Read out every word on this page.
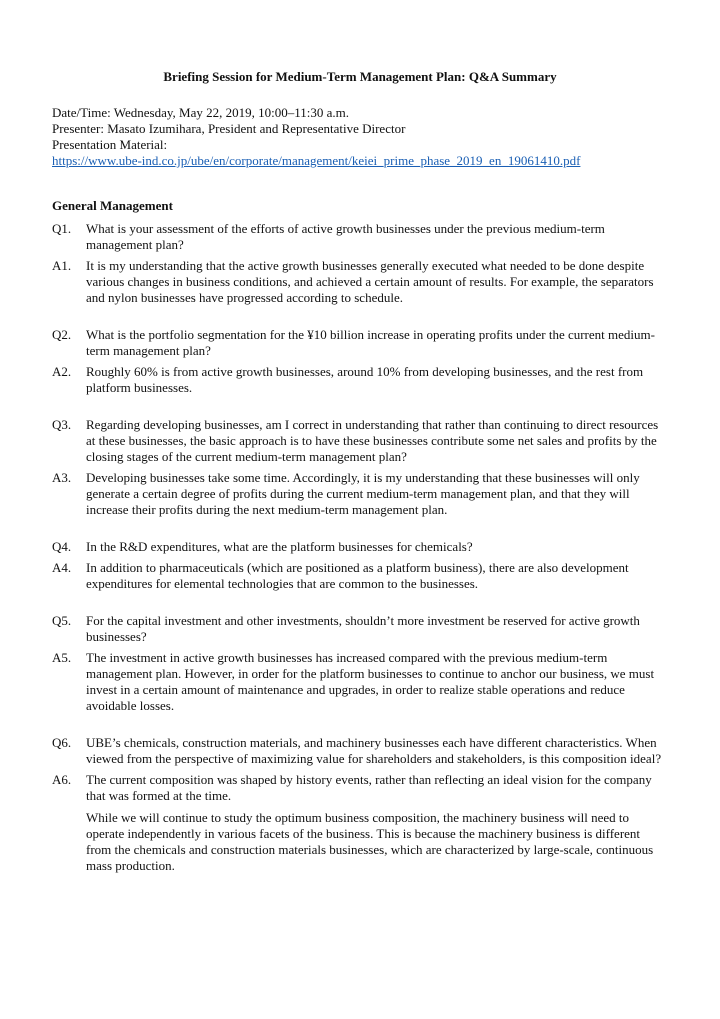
Briefing Session for Medium-Term Management Plan: Q&A Summary
Date/Time: Wednesday, May 22, 2019, 10:00–11:30 a.m.
Presenter: Masato Izumihara, President and Representative Director
Presentation Material:
https://www.ube-ind.co.jp/ube/en/corporate/management/keiei_prime_phase_2019_en_19061410.pdf
General Management
Q1.	What is your assessment of the efforts of active growth businesses under the previous medium-term management plan?
A1.	It is my understanding that the active growth businesses generally executed what needed to be done despite various changes in business conditions, and achieved a certain amount of results. For example, the separators and nylon businesses have progressed according to schedule.

Q2.	What is the portfolio segmentation for the ¥10 billion increase in operating profits under the current medium-term management plan?
A2.	Roughly 60% is from active growth businesses, around 10% from developing businesses, and the rest from platform businesses.

Q3.	Regarding developing businesses, am I correct in understanding that rather than continuing to direct resources at these businesses, the basic approach is to have these businesses contribute some net sales and profits by the closing stages of the current medium-term management plan?
A3.	Developing businesses take some time. Accordingly, it is my understanding that these businesses will only generate a certain degree of profits during the current medium-term management plan, and that they will increase their profits during the next medium-term management plan.

Q4.	In the R&D expenditures, what are the platform businesses for chemicals?
A4.	In addition to pharmaceuticals (which are positioned as a platform business), there are also development expenditures for elemental technologies that are common to the businesses.

Q5.	For the capital investment and other investments, shouldn’t more investment be reserved for active growth businesses?
A5.	The investment in active growth businesses has increased compared with the previous medium-term management plan. However, in order for the platform businesses to continue to anchor our business, we must invest in a certain amount of maintenance and upgrades, in order to realize stable operations and reduce avoidable losses.

Q6.	UBE’s chemicals, construction materials, and machinery businesses each have different characteristics. When viewed from the perspective of maximizing value for shareholders and stakeholders, is this composition ideal?
A6.	The current composition was shaped by history events, rather than reflecting an ideal vision for the company that was formed at the time.

While we will continue to study the optimum business composition, the machinery business will need to operate independently in various facets of the business. This is because the machinery business is different from the chemicals and construction materials businesses, which are characterized by large-scale, continuous mass production.
